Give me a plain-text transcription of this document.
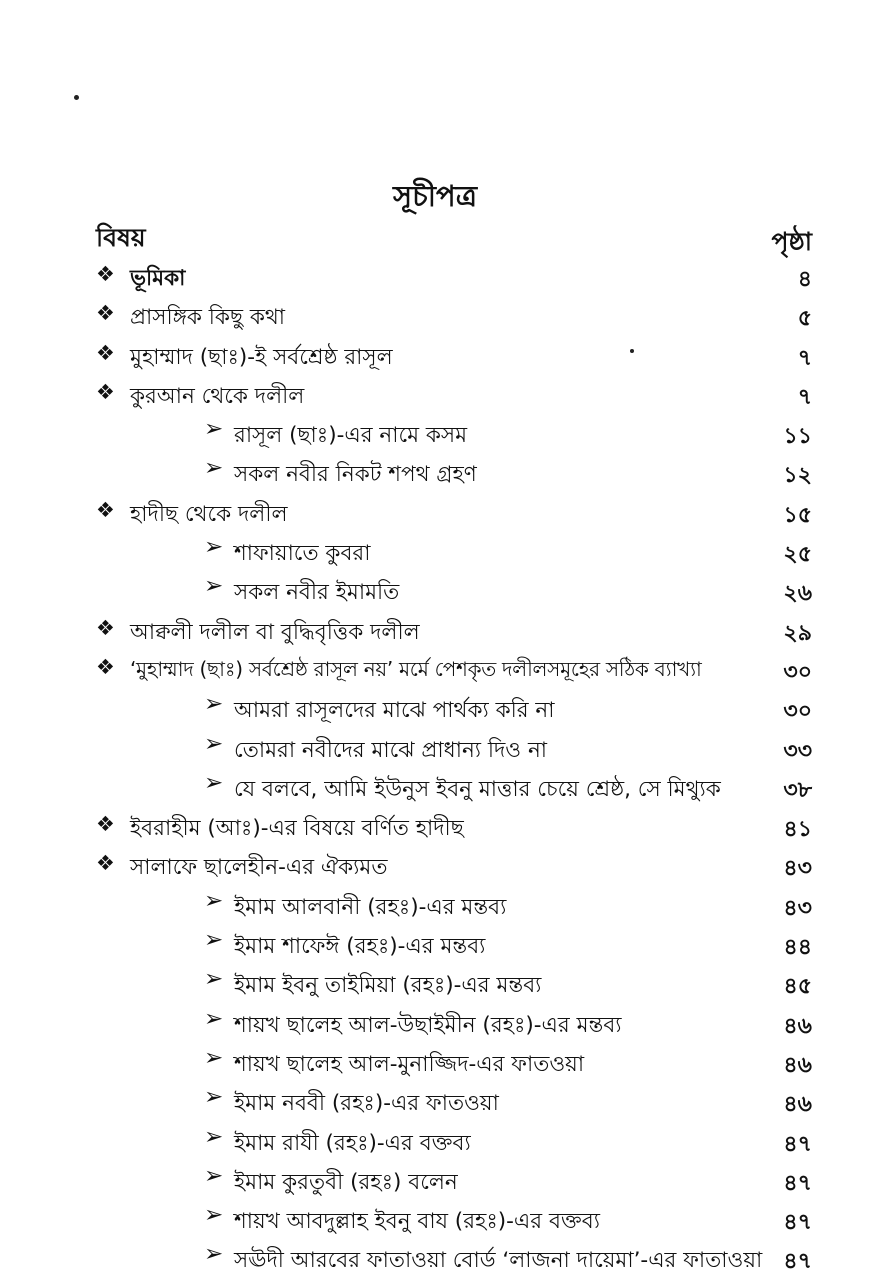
সূচীপত্র
বিষয়	পৃষ্ঠা
❖ ভূমিকা	৪
❖ প্রাসঙ্গিক কিছু কথা	৫
❖ মুহাম্মাদ (ছাঃ)-ই সর্বশ্রেষ্ঠ রাসূল	৭
❖ কুরআন থেকে দলীল	৭
➢ রাসূল (ছাঃ)-এর নামে কসম	১১
➢ সকল নবীর নিকট শপথ গ্রহণ	১২
❖ হাদীছ থেকে দলীল	১৫
➢ শাফায়াতে কুবরা	২৫
➢ সকল নবীর ইমামতি	২৬
❖ আক্বলী দলীল বা বুদ্ধিবৃত্তিক দলীল	২৯
❖ ‘মুহাম্মাদ (ছাঃ) সর্বশ্রেষ্ঠ রাসূল নয়’ মর্মে পেশকৃত দলীলসমূহের সঠিক ব্যাখ্যা	৩০
➢ আমরা রাসূলদের মাঝে পার্থক্য করি না	৩০
➢ তোমরা নবীদের মাঝে প্রাধান্য দিও না	৩৩
➢ যে বলবে, আমি ইউনুস ইবনু মাত্তার চেয়ে শ্রেষ্ঠ, সে মিথ্যুক	৩৮
❖ ইবরাহীম (আঃ)-এর বিষয়ে বর্ণিত হাদীছ	৪১
❖ সালাফে ছালেহীন-এর ঐক্যমত	৪৩
➢ ইমাম আলবানী (রহঃ)-এর মন্তব্য	৪৩
➢ ইমাম শাফেঈ (রহঃ)-এর মন্তব্য	৪৪
➢ ইমাম ইবনু তাইমিয়া (রহঃ)-এর মন্তব্য	৪৫
➢ শায়খ ছালেহ আল-উছাইমীন (রহঃ)-এর মন্তব্য	৪৬
➢ শায়খ ছালেহ আল-মুনাজ্জিদ-এর ফাতওয়া	৪৬
➢ ইমাম নববী (রহঃ)-এর ফাতওয়া	৪৬
➢ ইমাম রাযী (রহঃ)-এর বক্তব্য	৪৭
➢ ইমাম কুরতুবী (রহঃ) বলেন	৪৭
➢ শায়খ আবদুল্লাহ ইবনু বায (রহঃ)-এর বক্তব্য	৪৭
➢ সঊদী আরবের ফাতাওয়া বোর্ড ‘লাজনা দায়েমা’-এর ফাতাওয়া ৪৭
